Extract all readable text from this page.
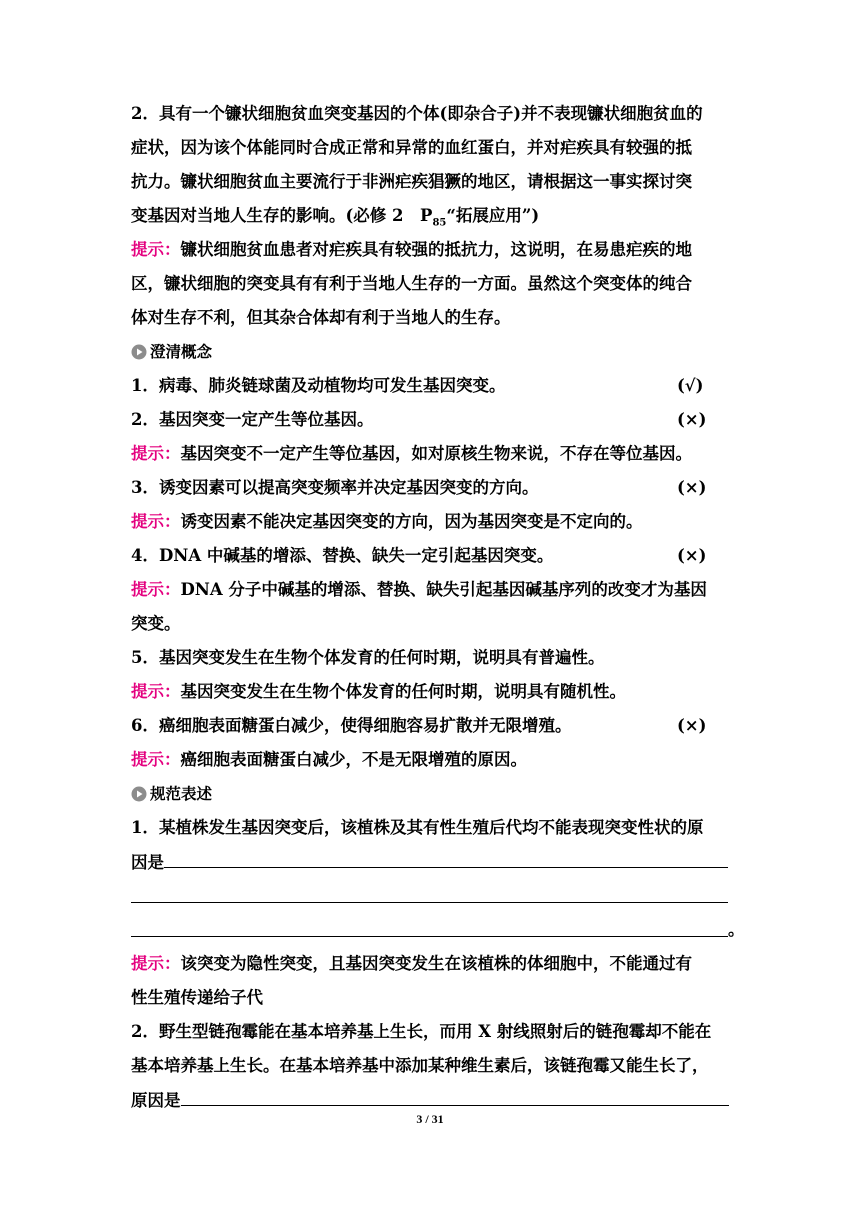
2．具有一个镰状细胞贫血突变基因的个体(即杂合子)并不表现镰状细胞贫血的
症状，因为该个体能同时合成正常和异常的血红蛋白，并对疟疾具有较强的抵
抗力。镰状细胞贫血主要流行于非洲疟疾猖獗的地区，请根据这一事实探讨突
变基因对当地人生存的影响。(必修 2　$P_{85}“$拓展应用”)
提示：镰状细胞贫血患者对疟疾具有较强的抵抗力，这说明，在易患疟疾的地
区，镰状细胞的突变具有有利于当地人生存的一方面。虽然这个突变体的纯合
体对生存不利，但其杂合体却有利于当地人的生存。
澄清概念
1．病毒、肺炎链球菌及动植物均可发生基因突变。	(√)
2．基因突变一定产生等位基因。	(×)
提示：基因突变不一定产生等位基因，如对原核生物来说，不存在等位基因。
3．诱变因素可以提高突变频率并决定基因突变的方向。	(×)
提示：诱变因素不能决定基因突变的方向，因为基因突变是不定向的。
4．DNA 中碱基的增添、替换、缺失一定引起基因突变。	(×)
提示：DNA 分子中碱基的增添、替换、缺失引起基因碱基序列的改变才为基因
突变。
5．基因突变发生在生物个体发育的任何时期，说明具有普遍性。
提示：基因突变发生在生物个体发育的任何时期，说明具有随机性。
6．癌细胞表面糖蛋白减少，使得细胞容易扩散并无限增殖。	(×)
提示：癌细胞表面糖蛋白减少，不是无限增殖的原因。
规范表述
1．某植株发生基因突变后，该植株及其有性生殖后代均不能表现突变性状的原
因是
。
提示：该突变为隐性突变，且基因突变发生在该植株的体细胞中，不能通过有
性生殖传递给子代
2．野生型链孢霉能在基本培养基上生长，而用 X 射线照射后的链孢霉却不能在
基本培养基上生长。在基本培养基中添加某种维生素后，该链孢霉又能生长了，
原因是
3 / 31
